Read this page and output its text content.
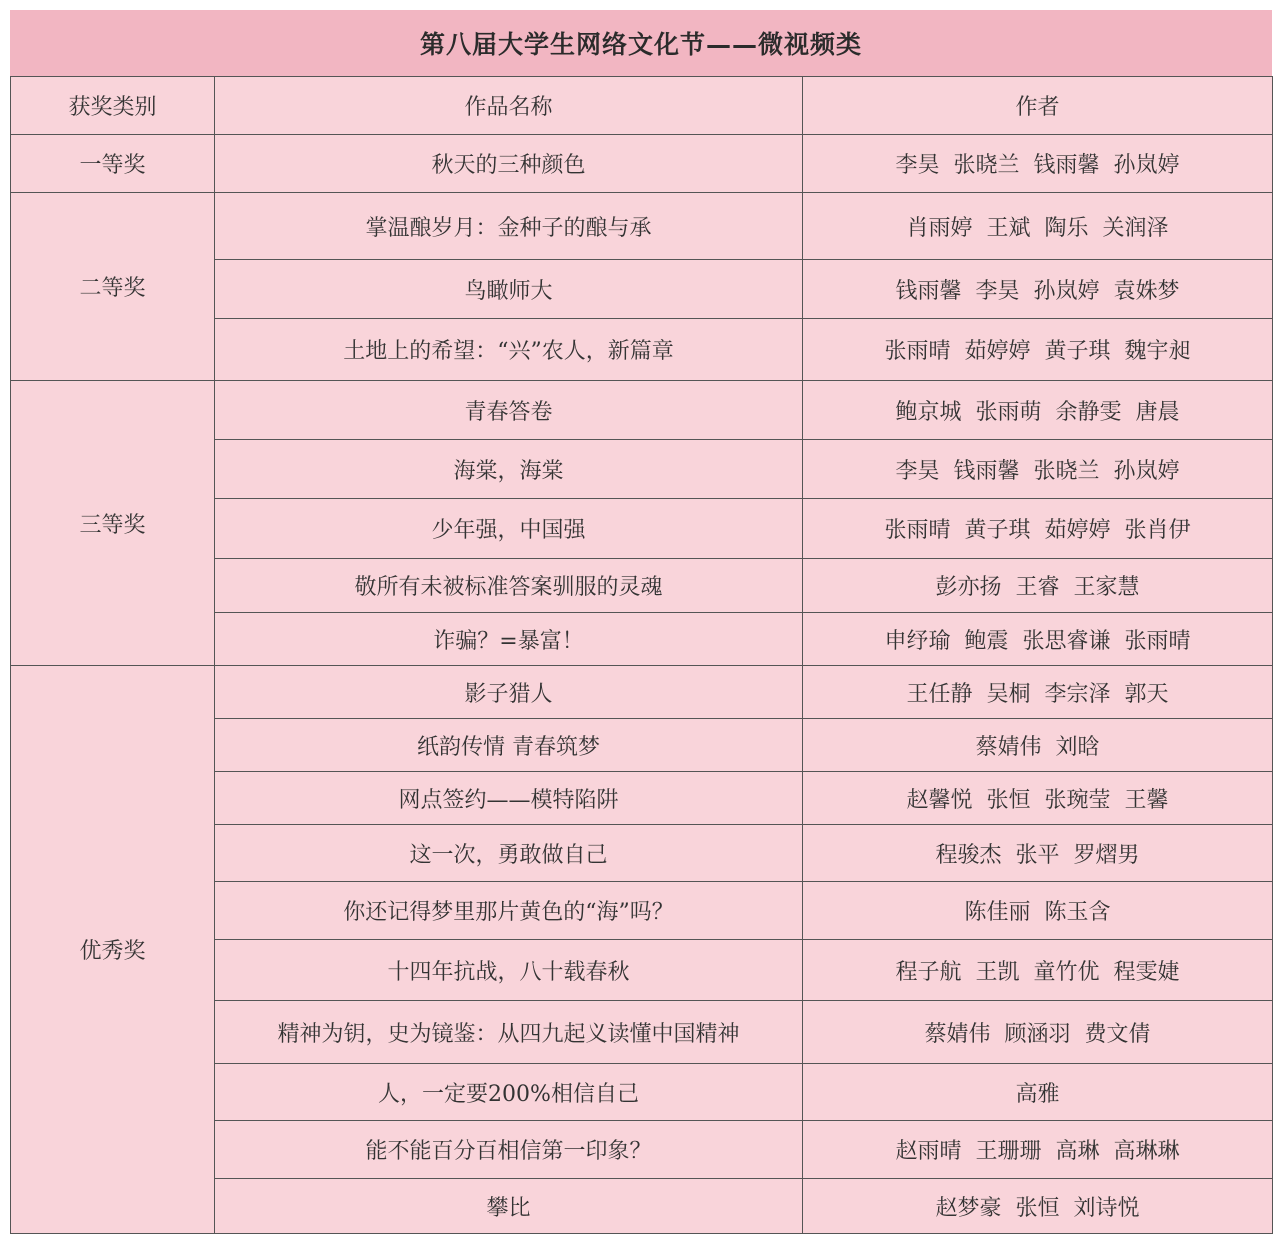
第八届大学生网络文化节——微视频类
获奖类别	作品名称	作者
一等奖	秋天的三种颜色	李昊  张晓兰  钱雨馨  孙岚婷
二等奖	掌温酿岁月：金种子的酿与承	肖雨婷  王斌  陶乐  关润泽
	鸟瞰师大	钱雨馨  李昊  孙岚婷  袁姝梦
	土地上的希望：“兴”农人，新篇章	张雨晴  茹婷婷  黄子琪  魏宇昶
三等奖	青春答卷	鲍京城  张雨萌  余静雯  唐晨
	海棠，海棠	李昊  钱雨馨  张晓兰  孙岚婷
	少年强，中国强	张雨晴  黄子琪  茹婷婷  张肖伊
	敬所有未被标准答案驯服的灵魂	彭亦扬  王睿  王家慧
	诈骗？=暴富！	申纾瑜  鲍震  张思睿谦  张雨晴
优秀奖	影子猎人	王任静  吴桐  李宗泽  郭天
	纸韵传情 青春筑梦	蔡婧伟  刘晗
	网点签约——模特陷阱	赵馨悦  张恒  张琬莹  王馨
	这一次，勇敢做自己	程骏杰  张平  罗熠男
	你还记得梦里那片黄色的“海”吗？	陈佳丽  陈玉含
	十四年抗战，八十载春秋	程子航  王凯  童竹优  程雯婕
	精神为钥，史为镜鉴：从四九起义读懂中国精神	蔡婧伟  顾涵羽  费文倩
	人，一定要200%相信自己	高雅
	能不能百分百相信第一印象？	赵雨晴  王珊珊  高琳  高琳琳
	攀比	赵梦豪  张恒  刘诗悦
